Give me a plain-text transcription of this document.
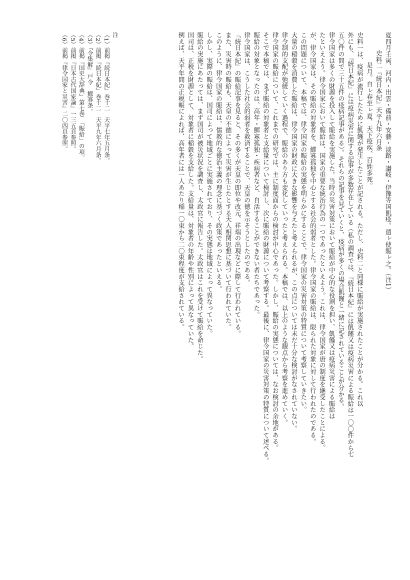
夏四月壬寅、河内・出雲・備前・安藝・淡路・讃岐・伊豫等国飢疫。遣ㇾ使賑ㇾ之。（注1）
史料二『続日本紀』天平九年六月条
是月。自ㇾ春至ㇾ夏、天下疫疾、百姓多死。
史料一は、疫病が流行したために飢饉が発生したことが記される。ただし、史料二と同様に賑給が実施されたことが分かる。これ以
外にも、『続日本紀』には疫病災害に関する記事が多数存在している（私の調査では、『続日本紀』には飢饉又は疫病災害による賑給は一〇〇件から七
五〇件の間で三十五件の疫病記事がある）。それらの記事を見ていくと、疫病が多くの場合飢饉と一緒に記されていることが分かる。
律令国家は多くの財源を投入して賑給を実施した。当時の災害対策において賑給が中心的な役割を担い、飢饉又は疫病災害による賑給は
たといえよう。律令国家において賑給は、国家の重要な統治行為の一つであったといえよう。これは、律令国家が唐の制度を継受したことによる。
が、律令国家は、その賑給の対象者を、鰥寡孤独を中心とする社会的弱者とした。律令国家の賑給は、限られた対象に対して行われたのである。
この問題について、本稿では、律令国家の賑給の実態を明らかにすることで、律令国家の災害対策の特質について考察していきたい。
大量の稲穀を消費した賑給は、律令国家の財政に大きな影響を与えたと考えられるが、この点については未だ十分な検討がなされていない。
律令制的支配が弛緩していく過程で、賑給のあり方も変化していったと考えられる。本稿では、以上のような観点から考察を進めていく。
律令国家の賑給について、これまでの研究では、主に制度面からの検討が中心であった。しかし、賑給の実態については、なお検討の余地がある。
そこで本稿では、まず賑給の対象者と支給量について検討し、次に賑給の財源について考察する。最後に、律令国家の災害対策の特質について述べる。
賑給の対象となったのは、高年・鰥寡孤独・疾病者など、自活することができない者たちであった。
律令国家は、こうした社会的弱者を救済することで、天皇の徳を示そうとしたのである。
『続日本紀』の賑給記事を見ると、その多くが天皇の即位や改元、祥瑞の出現などに際して行われている。
また、災害時の賑給も、天皇の不徳によって災害が生じたとする天人相関思想に基づいて行われていた。
このように、律令国家の賑給は、儒教的な徳治主義の理念に基づく政策であったといえる。
しかし、実際の賑給は、国司によって地域ごとに実施されており、その実態は地域によって異なっていた。
賑給の実施にあたっては、まず国司が被災状況を調査し、太政官に報告した。太政官はこれを受けて賑給を命じた。
国司は、正税を財源として、対象者に稲穀を支給した。支給量は、対象者の年齢や性別によって異なっていた。
例えば、天平年間の正税帳によれば、高年者には一人あたり稲一〇束から二〇束程度が支給されている。
注
（1）前掲『続日本紀』巻十二　天平七年五月条。
（2）前掲『続日本紀』巻十二　天平九年六月条。
（3）『令集解』戸令　鰥寡条。
（4）前掲『国史大辞典』第七巻　「賑給」の項。
（5）前掲『日本古代国家論』一三五頁参照。
（6）前掲『律令国家と災害』二〇四頁参照。
